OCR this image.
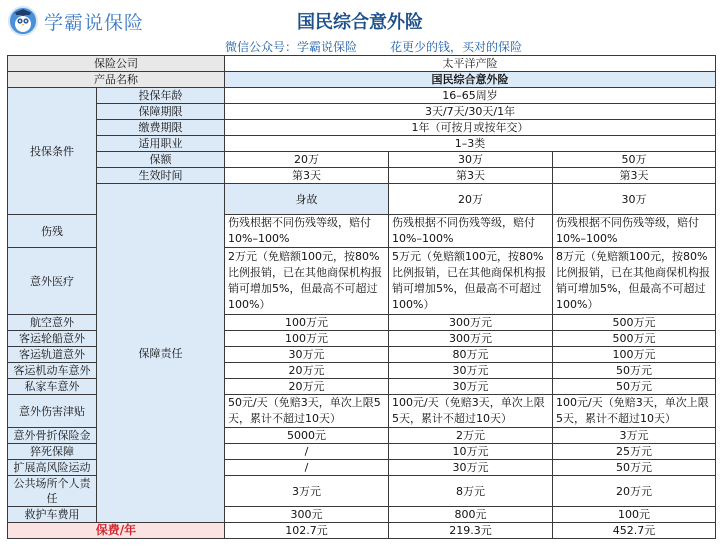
学霸说保险	国民综合意外险
微信公众号：学霸说保险	花更少的钱，买对的保险
保险公司		太平洋产险			
产品名称		国民综合意外险			
投保条件	投保年龄	16–65周岁			
	保障期限	3天/7天/30天/1年			
	缴费期限	1年（可按月或按年交）			
	适用职业	1–3类			
	保额	20万	30万	50万	
	生效时间	第3天	第3天	第3天	
	保障责任	身故	20万	30万	
伤残		伤残根据不同伤残等级，赔付10%–100%	伤残根据不同伤残等级，赔付10%–100%	伤残根据不同伤残等级，赔付10%–100%	
意外医疗		2万元（免赔额100元，按80%比例报销，已在其他商保机构报销可增加5%，但最高不可超过100%）	5万元（免赔额100元，按80%比例报销，已在其他商保机构报销可增加5%，但最高不可超过100%）	8万元（免赔额100元，按80%比例报销，已在其他商保机构报销可增加5%，但最高不可超过100%）	
航空意外		100万元	300万元	500万元	
客运轮船意外		100万元	300万元	500万元	
客运轨道意外		30万元	80万元	100万元	
客运机动车意外		20万元	30万元	50万元	
私家车意外		20万元	30万元	50万元	
意外伤害津贴		50元/天（免赔3天，单次上限5天，累计不超过10天）	100元/天（免赔3天，单次上限5天，累计不超过10天）	100元/天（免赔3天，单次上限5天，累计不超过10天）	
意外骨折保险金		5000元	2万元	3万元	
猝死保障		/	10万元	25万元	
扩展高风险运动		/	30万元	50万元	
公共场所个人责任		3万元	8万元	20万元	
救护车费用		300元	800元	100元	
保费/年		102.7元	219.3元	452.7元	
